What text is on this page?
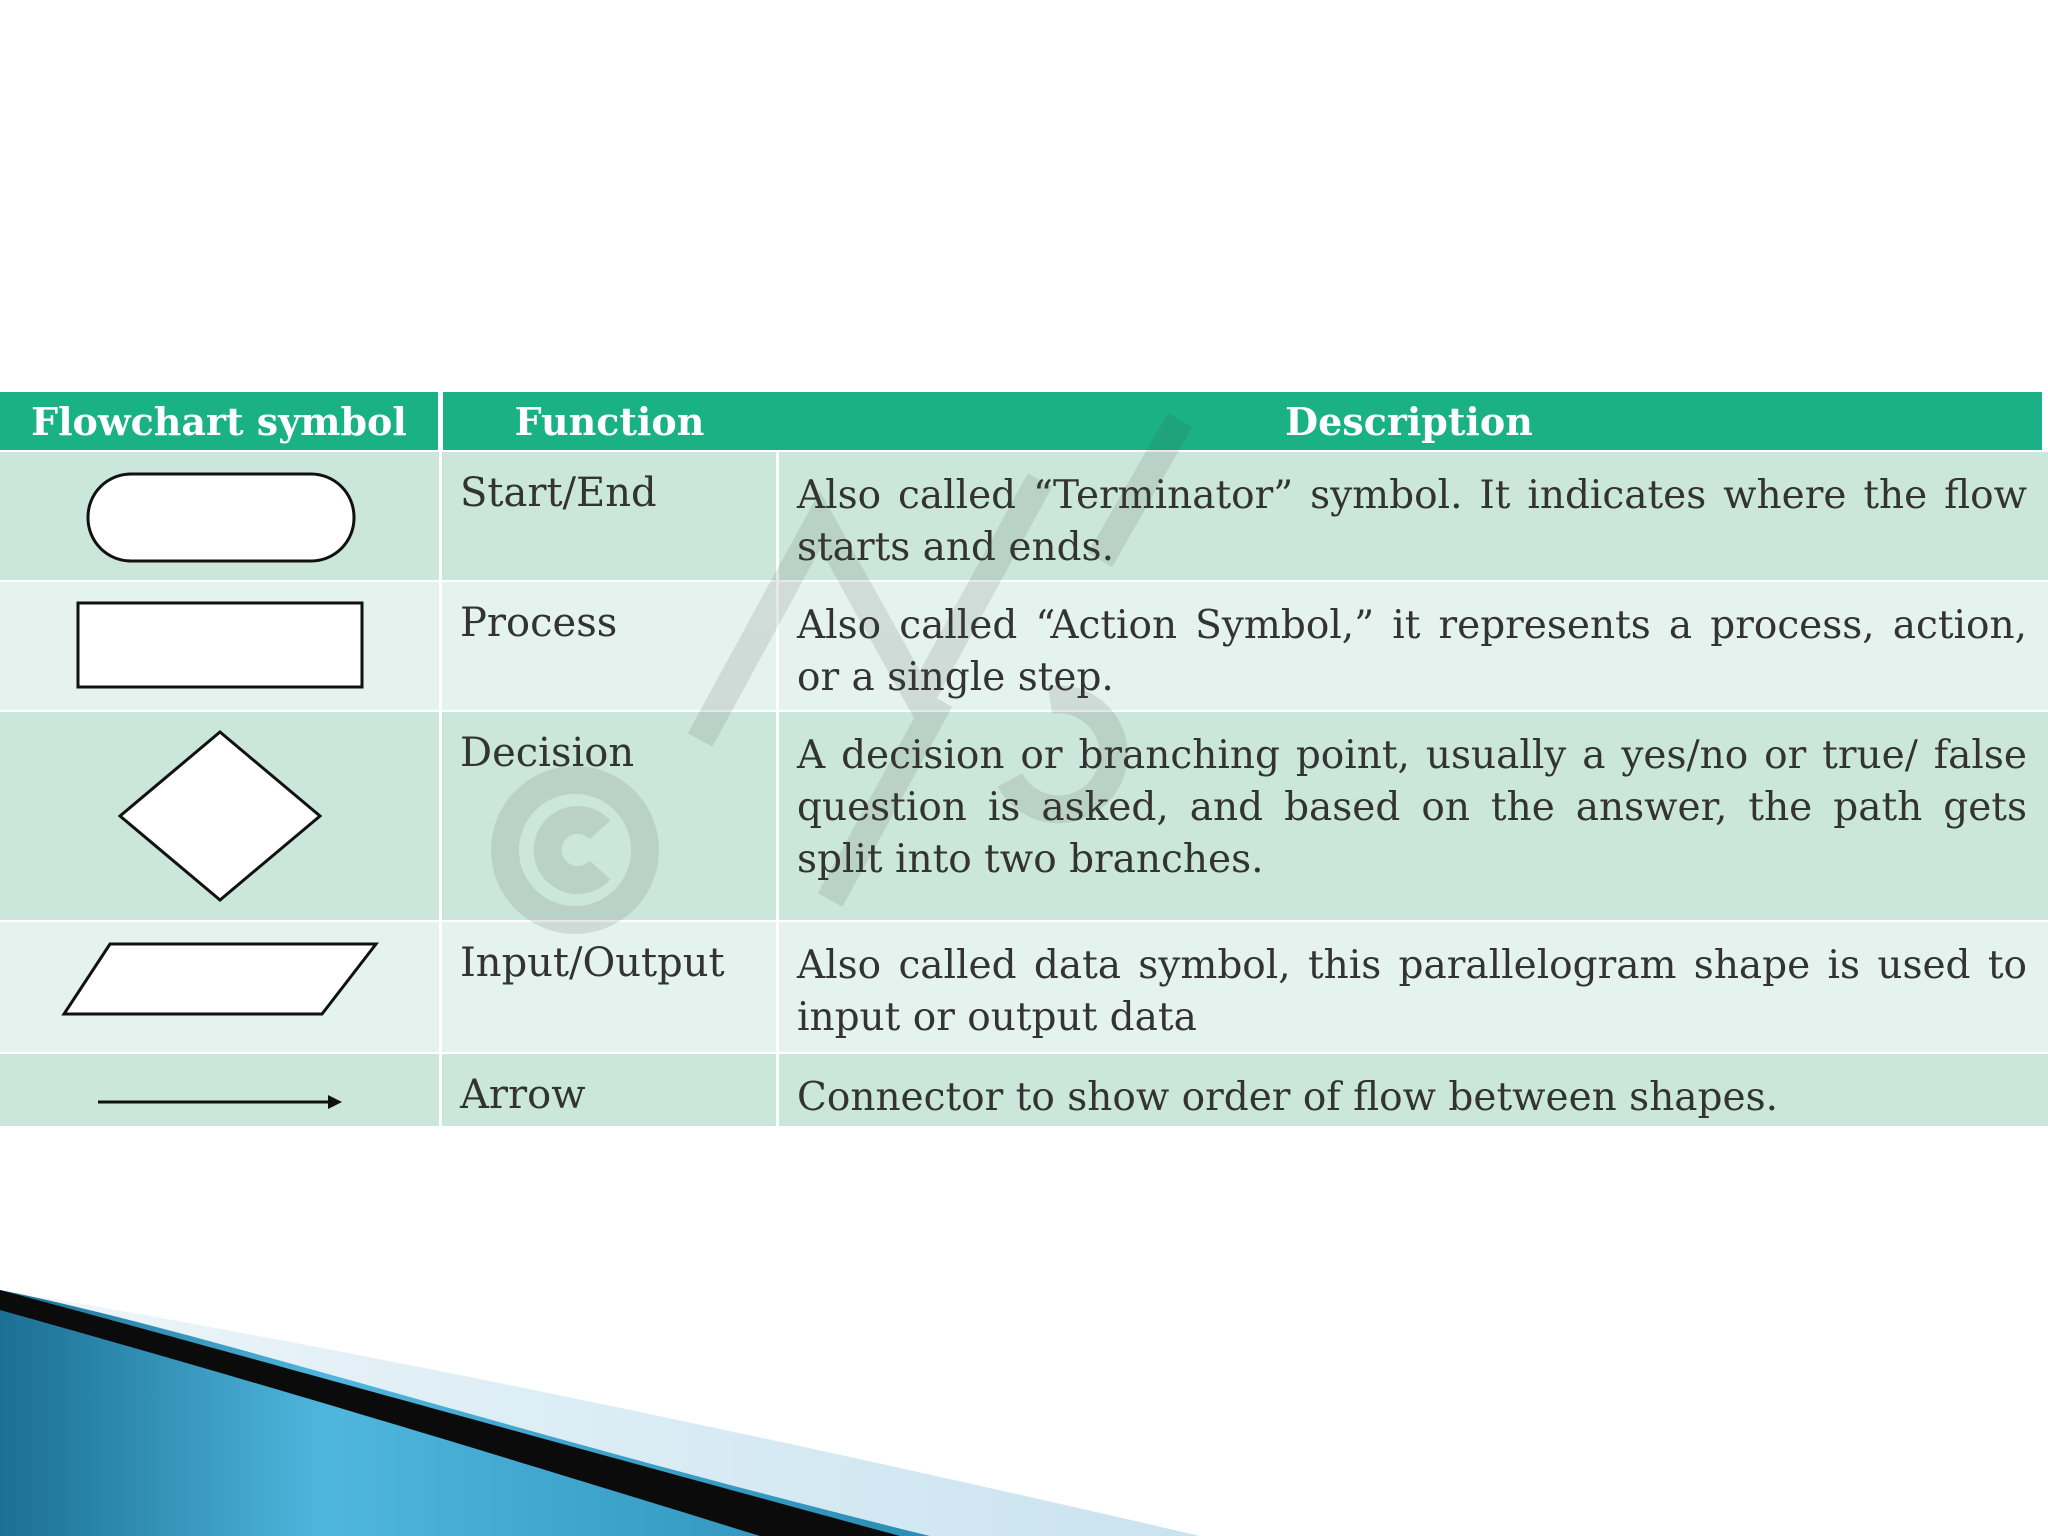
Flowchart symbol	Function	Description
Start/End	Also called “Terminator” symbol. It indicates where the flow starts and ends.
Process	Also called “Action Symbol,” it represents a process, action, or a single step.
Decision	A decision or branching point, usually a yes/no or true/ false question is asked, and based on the answer, the path gets split into two branches.
Input/Output	Also called data symbol, this parallelogram shape is used to input or output data
Arrow	Connector to show order of flow between shapes.
